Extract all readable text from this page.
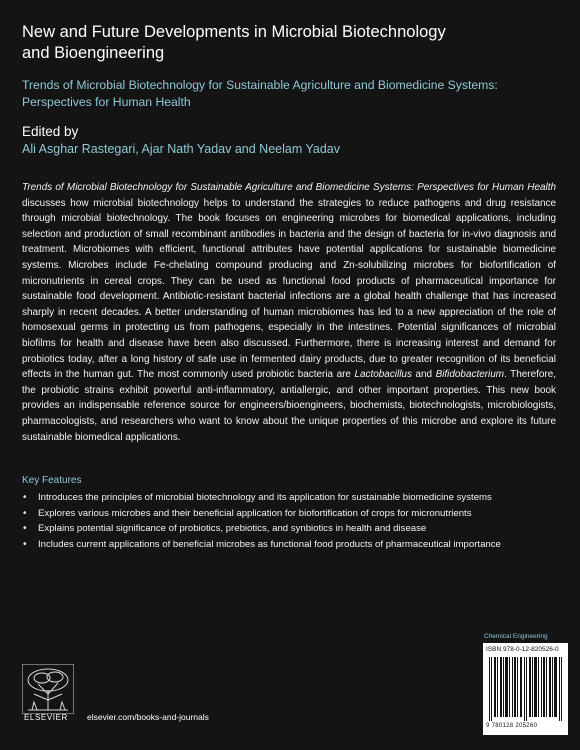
New and Future Developments in Microbial Biotechnology
and Bioengineering
Trends of Microbial Biotechnology for Sustainable Agriculture and Biomedicine Systems: Perspectives for Human Health
Edited by
Ali Asghar Rastegari, Ajar Nath Yadav and Neelam Yadav

Trends of Microbial Biotechnology for Sustainable Agriculture and Biomedicine Systems: Perspectives for Human Health discusses how microbial biotechnology helps to understand the strategies to reduce pathogens and drug resistance through microbial biotechnology. The book focuses on engineering microbes for biomedical applications, including selection and production of small recombinant antibodies in bacteria and the design of bacteria for in-vivo diagnosis and treatment. Microbiomes with efficient, functional attributes have potential applications for sustainable biomedicine systems. Microbes include Fe-chelating compound producing and Zn-solubilizing microbes for biofortification of micronutrients in cereal crops. They can be used as functional food products of pharmaceutical importance for sustainable food development. Antibiotic-resistant bacterial infections are a global health challenge that has increased sharply in recent decades. A better understanding of human microbiomes has led to a new appreciation of the role of homosexual germs in protecting us from pathogens, especially in the intestines. Potential significances of microbial biofilms for health and disease have been also discussed. Furthermore, there is increasing interest and demand for probiotics today, after a long history of safe use in fermented dairy products, due to greater recognition of its beneficial effects in the human gut. The most commonly used probiotic bacteria are Lactobacillus and Bifidobacterium. Therefore, the probiotic strains exhibit powerful anti-inflammatory, antiallergic, and other important properties. This new book provides an indispensable reference source for engineers/bioengineers, biochemists, biotechnologists, microbiologists, pharmacologists, and researchers who want to know about the unique properties of this microbe and explore its future sustainable biomedical applications.

Key Features
• Introduces the principles of microbial biotechnology and its application for sustainable biomedicine systems
• Explores various microbes and their beneficial application for biofortification of crops for micronutrients
• Explains potential significance of probiotics, prebiotics, and synbiotics in health and disease
• Includes current applications of beneficial microbes as functional food products of pharmaceutical importance
Chemical Engineering
ISBN 978-0-12-820526-0
9 780128 205260
ELSEVIER elsevier.com/books-and-journals
